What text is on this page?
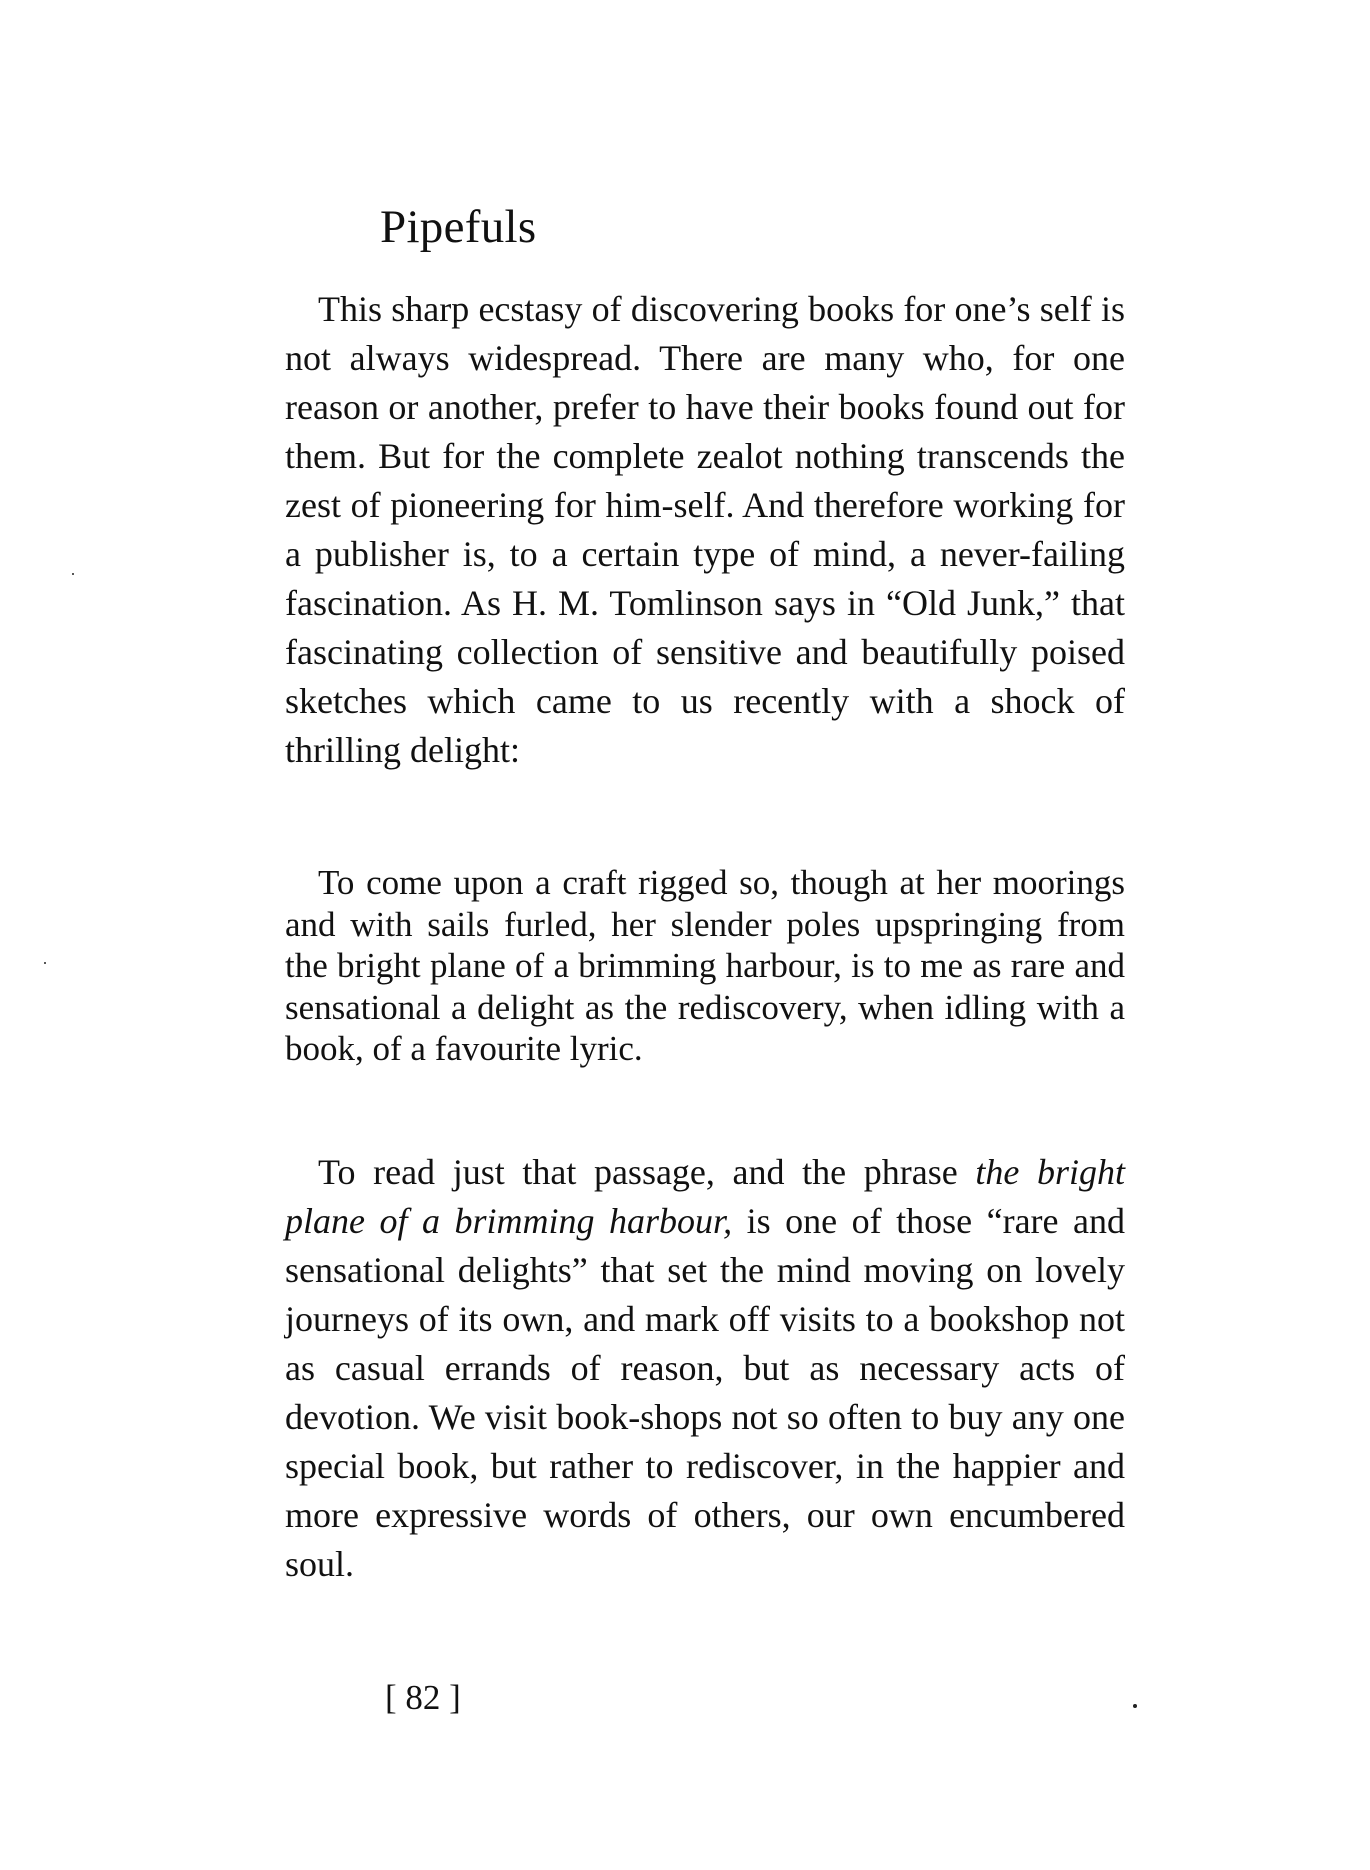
Pipefuls

This sharp ecstasy of discovering books for one’s self is not always widespread. There are many who, for one reason or another, prefer to have their books found out for them. But for the complete zealot nothing transcends the zest of pioneering for him-self. And therefore working for a publisher is, to a certain type of mind, a never-failing fascination. As H. M. Tomlinson says in “Old Junk,” that fascinating collection of sensitive and beautifully poised sketches which came to us recently with a shock of thrilling delight:

To come upon a craft rigged so, though at her moorings and with sails furled, her slender poles upspringing from the bright plane of a brimming harbour, is to me as rare and sensational a delight as the rediscovery, when idling with a book, of a favourite lyric.

To read just that passage, and the phrase the bright plane of a brimming harbour, is one of those “rare and sensational delights” that set the mind moving on lovely journeys of its own, and mark off visits to a bookshop not as casual errands of reason, but as necessary acts of devotion. We visit book-shops not so often to buy any one special book, but rather to rediscover, in the happier and more expressive words of others, our own encumbered soul.

[ 82 ]
